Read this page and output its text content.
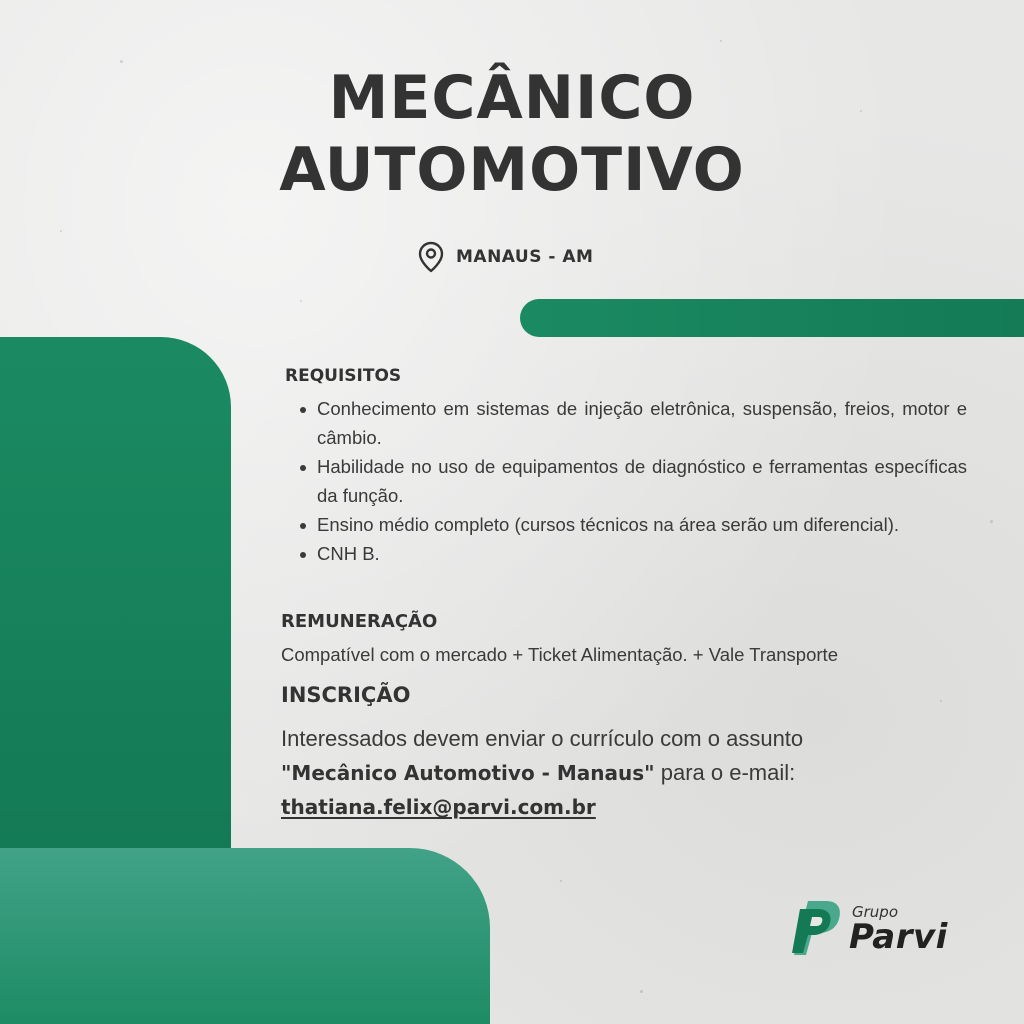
MECÂNICO
AUTOMOTIVO
MANAUS - AM
REQUISITOS
Conhecimento em sistemas de injeção eletrônica, suspensão, freios, motor e câmbio.
Habilidade no uso de equipamentos de diagnóstico e ferramentas específicas da função.
Ensino médio completo (cursos técnicos na área serão um diferencial).
CNH B.
REMUNERAÇÃO

Compatível com o mercado + Ticket Alimentação. + Vale Transporte

INSCRIÇÃO

Interessados devem enviar o currículo com o assunto
"Mecânico Automotivo - Manaus" para o e-mail:
thatiana.felix@parvi.com.br

Grupo
Parvi
